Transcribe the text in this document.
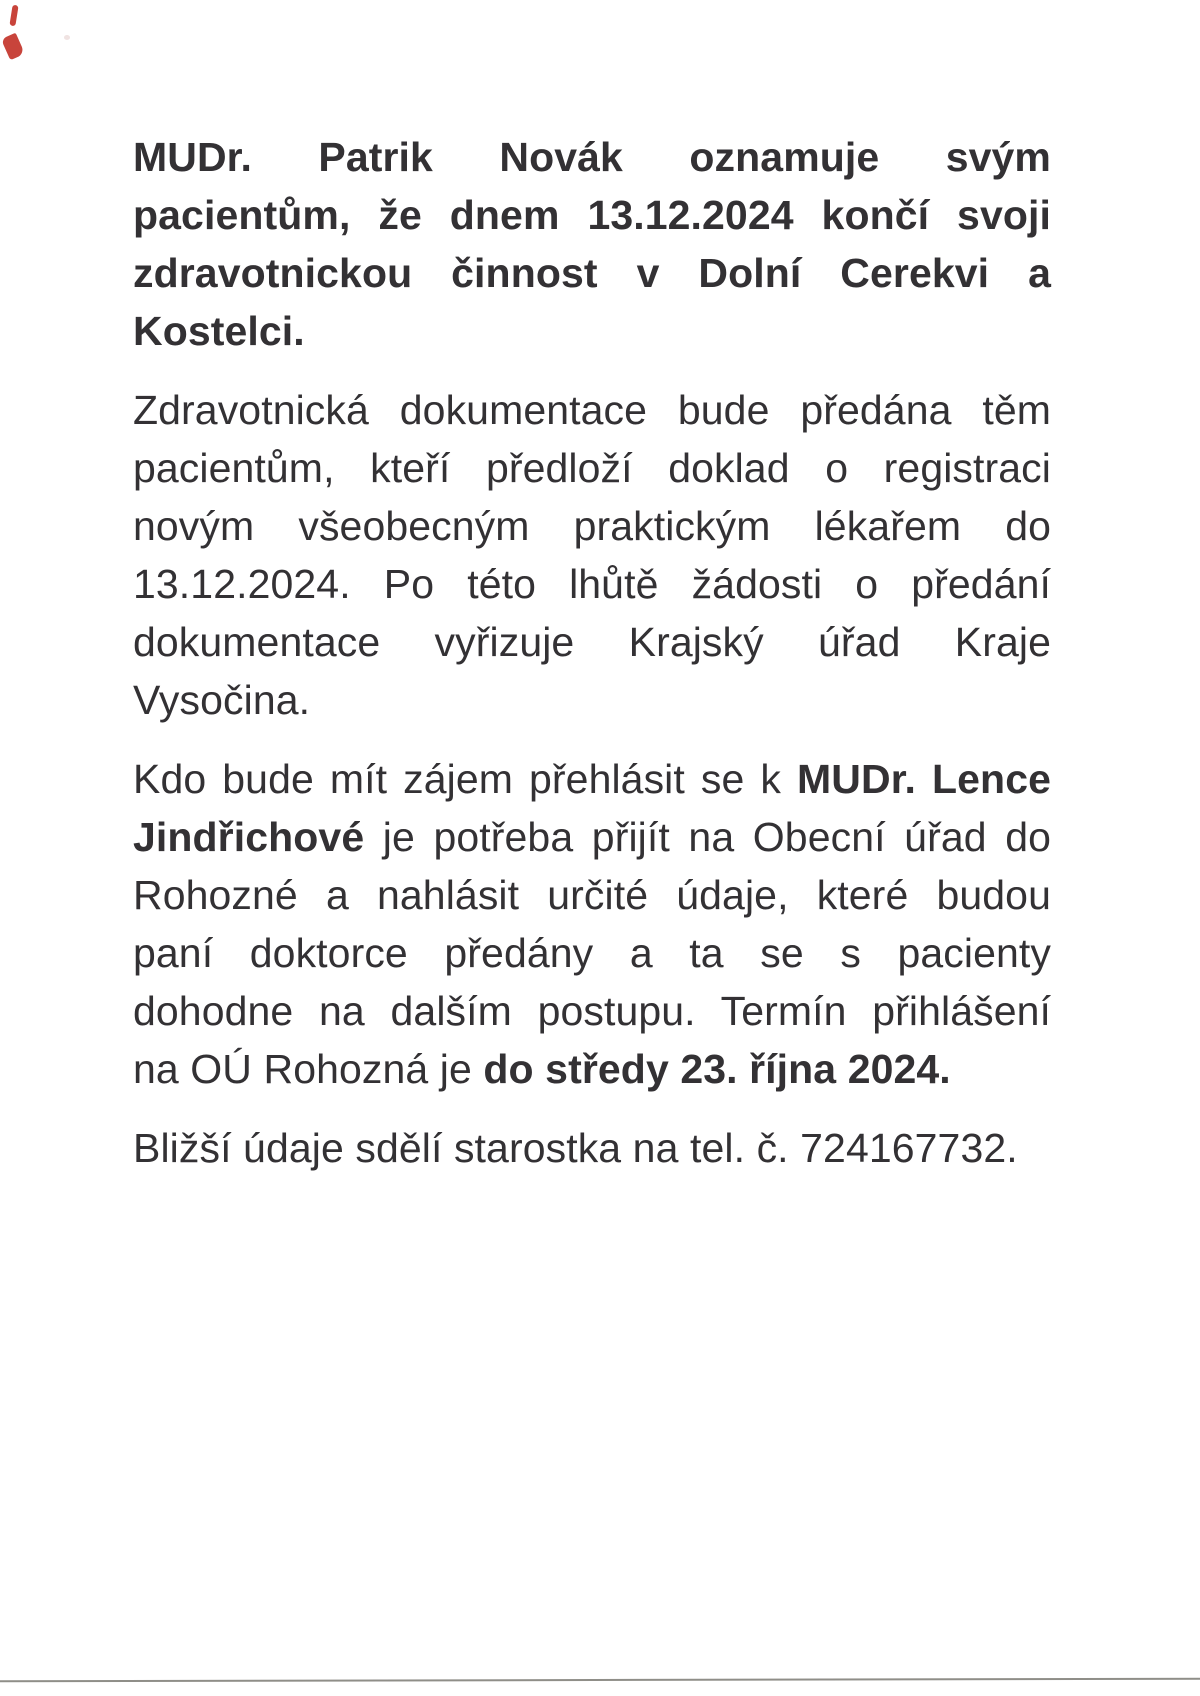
MUDr. Patrik Novák oznamuje svým
pacientům, že dnem 13.12.2024 končí svoji
zdravotnickou činnost v Dolní Cerekvi a
Kostelci.
Zdravotnická dokumentace bude předána těm
pacientům, kteří předloží doklad o registraci
novým všeobecným praktickým lékařem do
13.12.2024. Po této lhůtě žádosti o předání
dokumentace vyřizuje Krajský úřad Kraje
Vysočina.
Kdo bude mít zájem přehlásit se k MUDr. Lence
Jindřichové je potřeba přijít na Obecní úřad do
Rohozné a nahlásit určité údaje, které budou
paní doktorce předány a ta se s pacienty
dohodne na dalším postupu. Termín přihlášení
na OÚ Rohozná je do středy 23. října 2024.
Bližší údaje sdělí starostka na tel. č. 724167732.
